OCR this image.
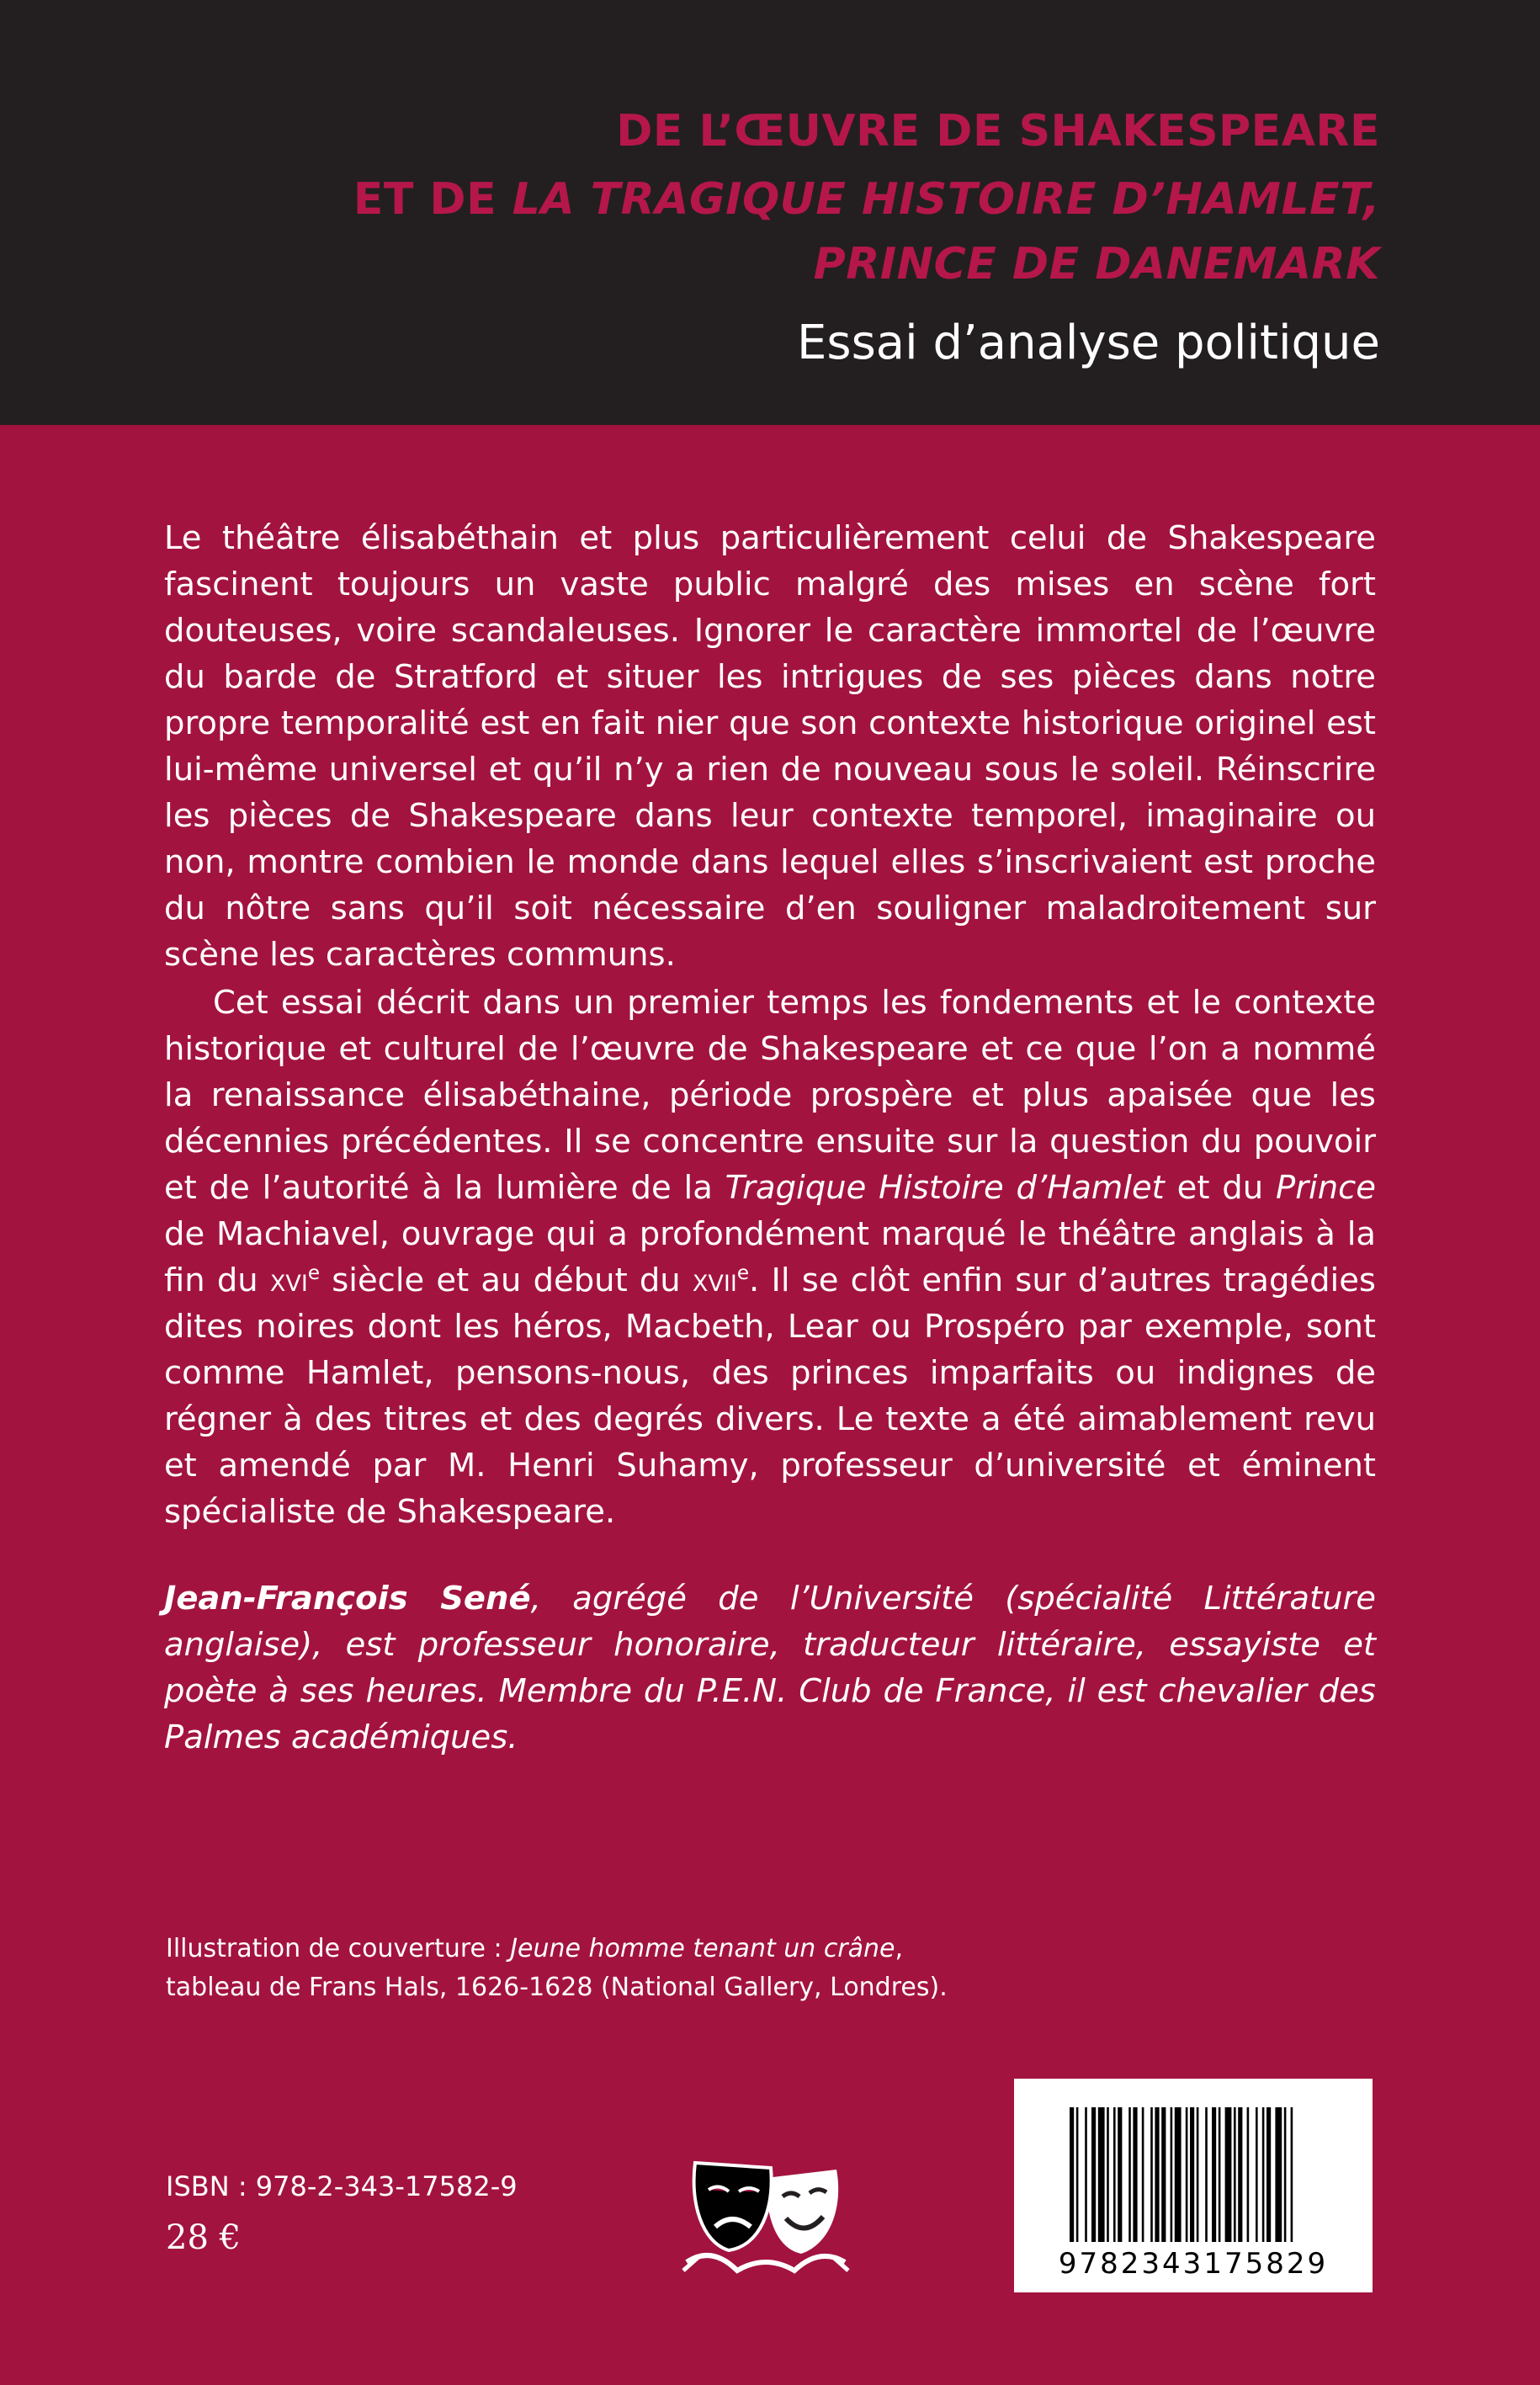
DE L’ŒUVRE DE SHAKESPEARE
ET DE LA TRAGIQUE HISTOIRE D’HAMLET,
PRINCE DE DANEMARK
Essai d’analyse politique

Le théâtre élisabéthain et plus particulièrement celui de Shakespeare fascinent toujours un vaste public malgré des mises en scène fort douteuses, voire scandaleuses. Ignorer le caractère immortel de l’œuvre du barde de Stratford et situer les intrigues de ses pièces dans notre propre temporalité est en fait nier que son contexte historique originel est lui-même universel et qu’il n’y a rien de nouveau sous le soleil. Réinscrire les pièces de Shakespeare dans leur contexte temporel, imaginaire ou non, montre combien le monde dans lequel elles s’inscrivaient est proche du nôtre sans qu’il soit nécessaire d’en souligner maladroitement sur scène les caractères communs.

Cet essai décrit dans un premier temps les fondements et le contexte historique et culturel de l’œuvre de Shakespeare et ce que l’on a nommé la renaissance élisabéthaine, période prospère et plus apaisée que les décennies précédentes. Il se concentre ensuite sur la question du pouvoir et de l’autorité à la lumière de la Tragique Histoire d’Hamlet et du Prince de Machiavel, ouvrage qui a profondément marqué le théâtre anglais à la fin du xvi$^e$ siècle et au début du xvii$^e$. Il se clôt enfin sur d’autres tragédies dites noires dont les héros, Macbeth, Lear ou Prospéro par exemple, sont comme Hamlet, pensons-nous, des princes imparfaits ou indignes de régner à des titres et des degrés divers. Le texte a été aimablement revu et amendé par M. Henri Suhamy, professeur d’université et éminent spécialiste de Shakespeare.

Jean-François Sené, agrégé de l’Université (spécialité Littérature anglaise), est professeur honoraire, traducteur littéraire, essayiste et poète à ses heures. Membre du P.E.N. Club de France, il est chevalier des Palmes académiques.

Illustration de couverture : Jeune homme tenant un crâne,
tableau de Frans Hals, 1626-1628 (National Gallery, Londres).
ISBN : 978-2-343-17582-9
28 €
9782343175829
